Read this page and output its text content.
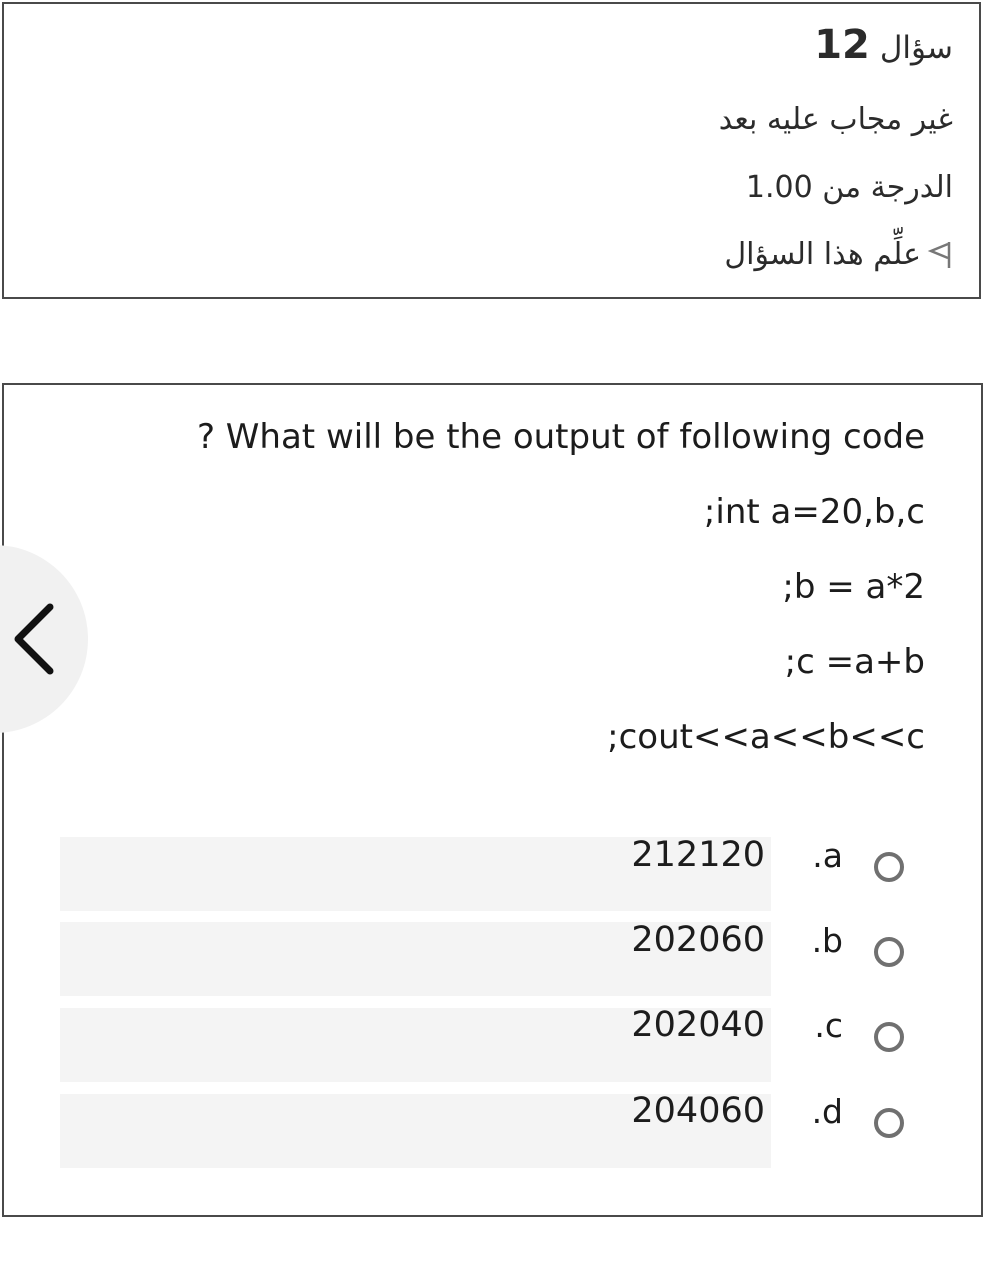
سؤال12
غير مجاب عليه بعد
الدرجة من 1.00
علِّم هذا السؤال
? What will be the output of following code
;int a=20,b,c
;b = a*2
;c =a+b
;cout<<a<<b<<c
212120 .a
202060 .b
202040 .c
204060 .d
